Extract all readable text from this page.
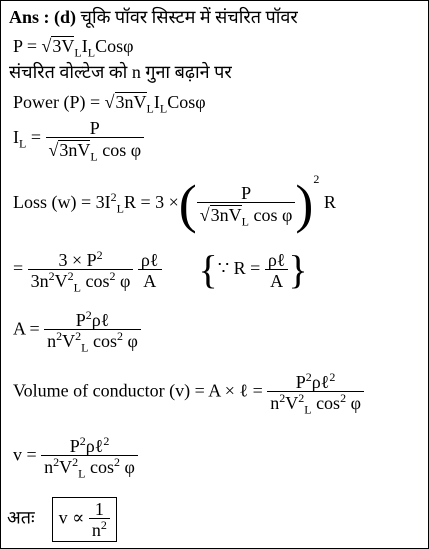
Ans : (d) चूकि पॉवर सिस्टम में संचरित पॉवर
$P = √3V_LI_LCos\varphi$
संचरित वोल्टेज को n गुना बढ़ाने पर
Power $(P) = √3nV_LI_LCos\varphi$
$I_L = \frac{P}{√3nV_L \cos \varphi}$
Loss $(w) = 3I^2_LR = 3$ ×( $\frac{P}{√3nV_L \cos \varphi} )^2$ R
= $\frac{3 \times P^2}{3n^2V^2_L \cos^2 \varphi}$
$\frac{\text{ρℓ}}{A}$ {∵ $R = \frac{\text{ρℓ}}{A}$ }
$A = \frac{P^2\rho\ell}{n^2V^2_L \cos^2 \varphi}$
Volume of conductor (v) = A × ℓ = $\frac{P^2\rho\ell^2}{n^2V^2_L \cos^2 \varphi}$
$v = \frac{P^2\rho\ell^2}{n^2V^2_L \cos^2 \varphi}$
अतः $v \propto \frac{1}{n^2}$
